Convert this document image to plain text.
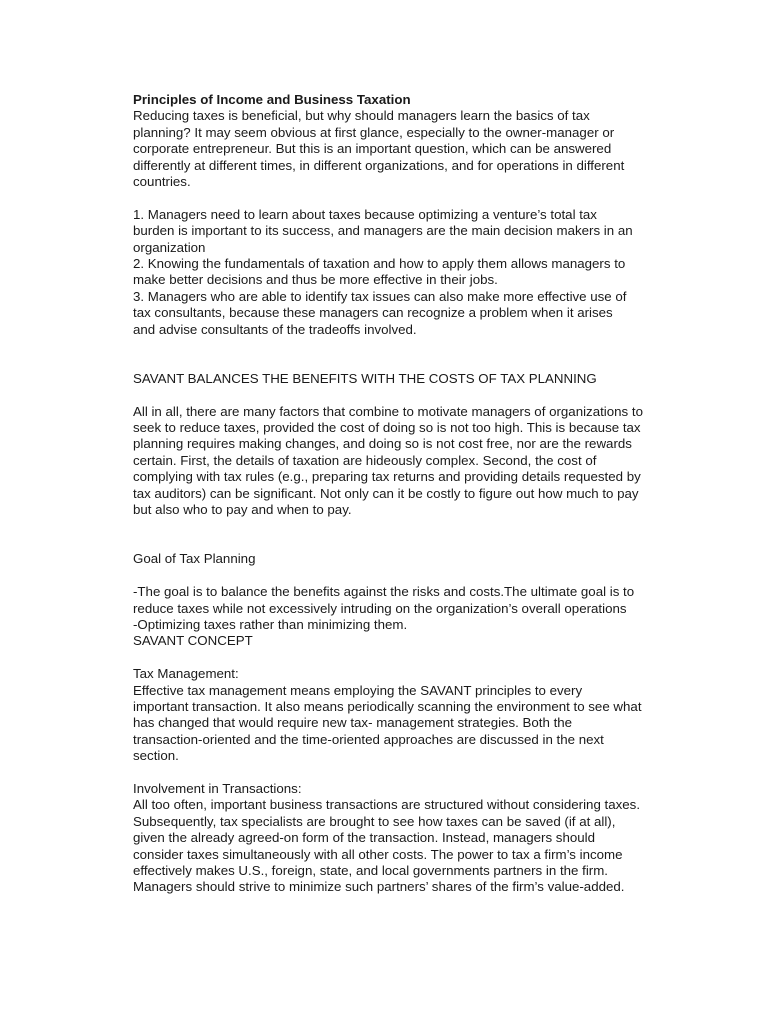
Principles of Income and Business Taxation
Reducing taxes is beneficial, but why should managers learn the basics of tax
planning? It may seem obvious at first glance, especially to the owner-manager or
corporate entrepreneur. But this is an important question, which can be answered
differently at different times, in different organizations, and for operations in different
countries.
1. Managers need to learn about taxes because optimizing a venture’s total tax
burden is important to its success, and managers are the main decision makers in an
organization
2. Knowing the fundamentals of taxation and how to apply them allows managers to
make better decisions and thus be more effective in their jobs.
3. Managers who are able to identify tax issues can also make more effective use of
tax consultants, because these managers can recognize a problem when it arises
and advise consultants of the tradeoffs involved.
SAVANT BALANCES THE BENEFITS WITH THE COSTS OF TAX PLANNING
All in all, there are many factors that combine to motivate managers of organizations to
seek to reduce taxes, provided the cost of doing so is not too high. This is because tax
planning requires making changes, and doing so is not cost free, nor are the rewards
certain. First, the details of taxation are hideously complex. Second, the cost of
complying with tax rules (e.g., preparing tax returns and providing details requested by
tax auditors) can be significant. Not only can it be costly to figure out how much to pay
but also who to pay and when to pay.
Goal of Tax Planning
-The goal is to balance the benefits against the risks and costs.The ultimate goal is to
reduce taxes while not excessively intruding on the organization’s overall operations
-Optimizing taxes rather than minimizing them.
SAVANT CONCEPT
Tax Management:
Effective tax management means employing the SAVANT principles to every
important transaction. It also means periodically scanning the environment to see what
has changed that would require new tax- management strategies. Both the
transaction-oriented and the time-oriented approaches are discussed in the next
section.
Involvement in Transactions:
All too often, important business transactions are structured without considering taxes.
Subsequently, tax specialists are brought to see how taxes can be saved (if at all),
given the already agreed-on form of the transaction. Instead, managers should
consider taxes simultaneously with all other costs. The power to tax a firm’s income
effectively makes U.S., foreign, state, and local governments partners in the firm.
Managers should strive to minimize such partners’ shares of the firm’s value-added.
